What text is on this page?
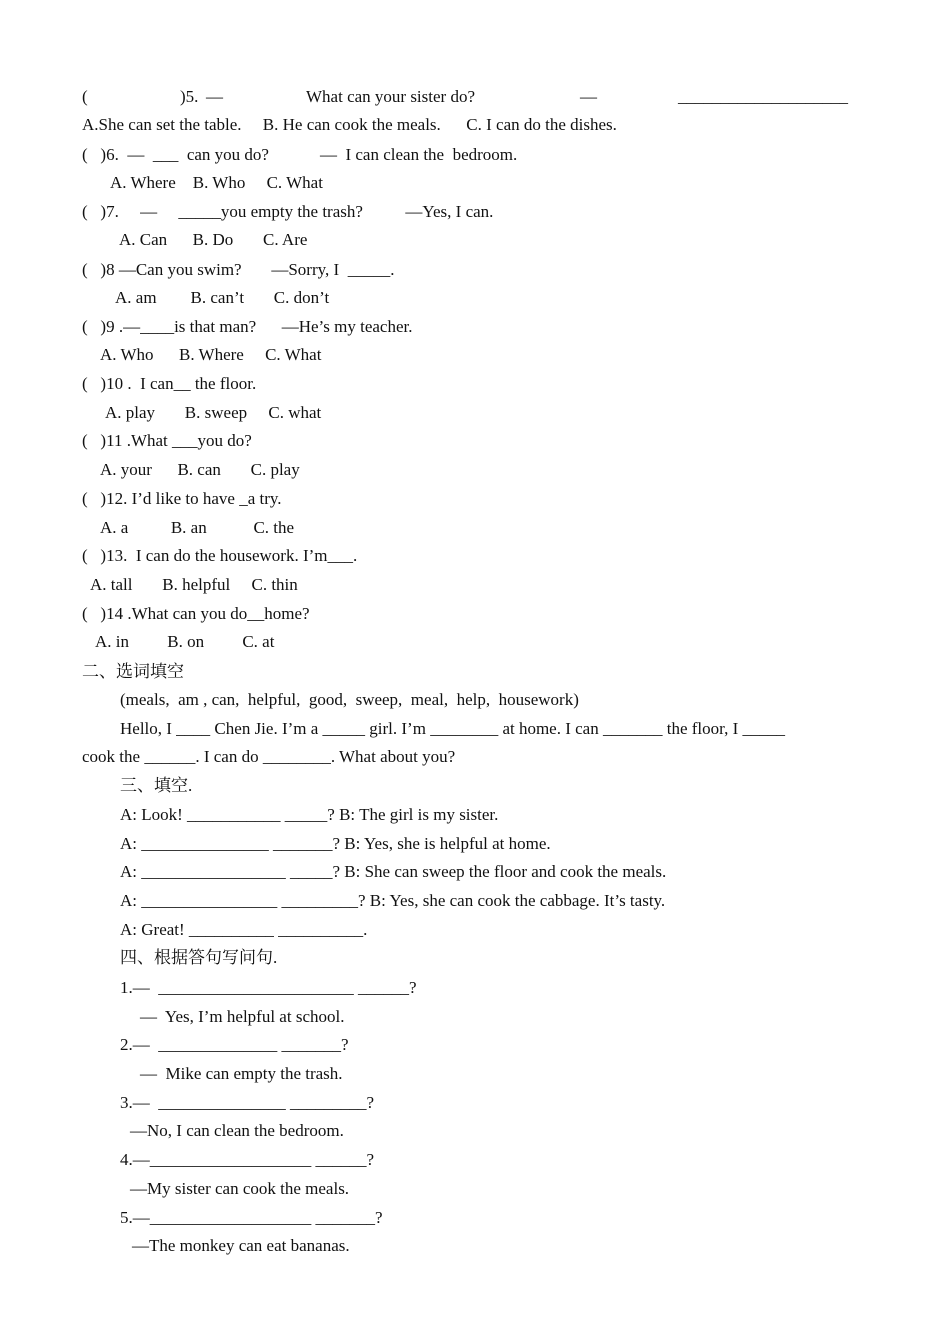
(	)5. —	What can your sister do?	—	____________________
A.She can set the table.     B. He can cook the meals.      C. I can do the dishes.
(   )6.  —  ___  can you do?            —  I can clean the  bedroom.
A. Where    B. Who     C. What
(   )7.     —     _____you empty the trash?          —Yes, I can.
A. Can      B. Do       C. Are
(   )8 —Can you swim?       —Sorry, I  _____.
A. am        B. can’t       C. don’t
(   )9 .—____is that man?      —He’s my teacher.
A. Who      B. Where     C. What
(   )10 .  I can__ the floor.
A. play       B. sweep     C. what
(   )11 .What ___you do?
A. your      B. can       C. play
(   )12. I’d like to have _a try.
A. a          B. an           C. the
(   )13.  I can do the housework. I’m___.
A. tall       B. helpful     C. thin
(   )14 .What can you do__home?
A. in         B. on         C. at
二、选词填空
(meals,  am , can,  helpful,  good,  sweep,  meal,  help,  housework)
Hello, I ____ Chen Jie. I’m a _____ girl. I’m ________ at home. I can _______ the floor, I _____
cook the ______. I can do ________. What about you?
三、填空.
A: Look! ___________ _____? B: The girl is my sister.
A: _______________ _______? B: Yes, she is helpful at home.
A: _________________ _____? B: She can sweep the floor and cook the meals.
A: ________________ _________? B: Yes, she can cook the cabbage. It’s tasty.
A: Great! __________ __________.
四、根据答句写问句.
1.—  _______________________ ______?
—  Yes, I’m helpful at school.
2.—  ______________ _______?
—  Mike can empty the trash.
3.—  _______________ _________?
—No, I can clean the bedroom.
4.—___________________ ______?
—My sister can cook the meals.
5.—___________________ _______?
—The monkey can eat bananas.
